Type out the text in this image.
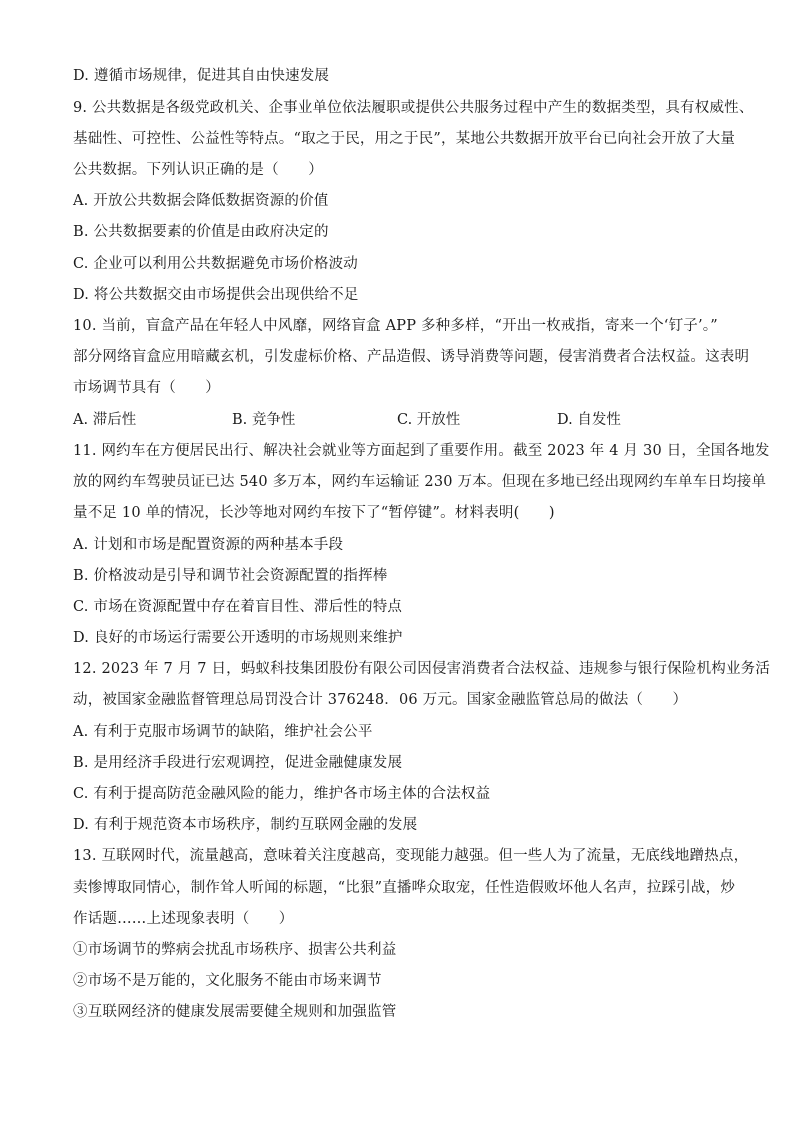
D. 遵循市场规律，促进其自由快速发展
9. 公共数据是各级党政机关、企事业单位依法履职或提供公共服务过程中产生的数据类型，具有权威性、
基础性、可控性、公益性等特点。“取之于民，用之于民”，某地公共数据开放平台已向社会开放了大量
公共数据。下列认识正确的是（　　）
A. 开放公共数据会降低数据资源的价值
B. 公共数据要素的价值是由政府决定的
C. 企业可以利用公共数据避免市场价格波动
D. 将公共数据交由市场提供会出现供给不足
10. 当前，盲盒产品在年轻人中风靡，网络盲盒 APP 多种多样，“开出一枚戒指，寄来一个‘钉子’。”
部分网络盲盒应用暗藏玄机，引发虚标价格、产品造假、诱导消费等问题，侵害消费者合法权益。这表明
市场调节具有（　　）
A. 滞后性	B. 竞争性	C. 开放性	D. 自发性
11. 网约车在方便居民出行、解决社会就业等方面起到了重要作用。截至 2023 年 4 月 30 日，全国各地发
放的网约车驾驶员证已达 540 多万本，网约车运输证 230 万本。但现在多地已经出现网约车单车日均接单
量不足 10 单的情况，长沙等地对网约车按下了“暂停键”。材料表明(　　)
A. 计划和市场是配置资源的两种基本手段
B. 价格波动是引导和调节社会资源配置的指挥棒
C. 市场在资源配置中存在着盲目性、滞后性的特点
D. 良好的市场运行需要公开透明的市场规则来维护
12. 2023 年 7 月 7 日，蚂蚁科技集团股份有限公司因侵害消费者合法权益、违规参与银行保险机构业务活
动，被国家金融监督管理总局罚没合计 376248．06 万元。国家金融监管总局的做法（　　）
A. 有利于克服市场调节的缺陷，维护社会公平
B. 是用经济手段进行宏观调控，促进金融健康发展
C. 有利于提高防范金融风险的能力，维护各市场主体的合法权益
D. 有利于规范资本市场秩序，制约互联网金融的发展
13. 互联网时代，流量越高，意味着关注度越高，变现能力越强。但一些人为了流量，无底线地蹭热点，
卖惨博取同情心，制作耸人听闻的标题，“比狠”直播哗众取宠，任性造假败坏他人名声，拉踩引战，炒
作话题……上述现象表明（　　）
①市场调节的弊病会扰乱市场秩序、损害公共利益
②市场不是万能的，文化服务不能由市场来调节
③互联网经济的健康发展需要健全规则和加强监管
